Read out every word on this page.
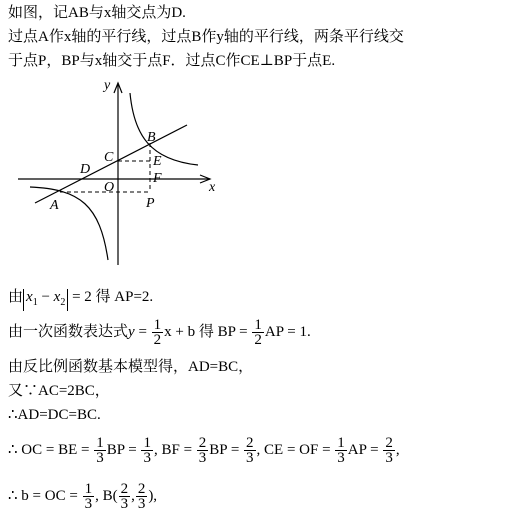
如图，记AB与x轴交点为D.
过点A作x轴的平行线，过点B作y轴的平行线，两条平行线交
于点P，BP与x轴交于点F．过点C作CE⊥BP于点E.
y
x
O
A
B
C
D
E
F
P
由 $x_1 - x_2 = 2$ 得 AP=2.
由一次函数表达式$y = \frac{1}{2}$ x + b 得 BP = $\frac{1}{2}$ AP = 1.
由反比例函数基本模型得，AD=BC，
又∵AC=2BC，
∴AD=DC=BC.
∴ OC = BE = $\frac{1}{3}$ BP = $\frac{1}{3}$ , BF = $\frac{2}{3}$ BP = $\frac{2}{3}$ , CE = OF = $\frac{1}{3}$ AP = $\frac{2}{3}$ ,
∴ b = OC = $\frac{1}{3}$ , $B( \frac{2}{3}$ , $\frac{2}{3}$ ),
